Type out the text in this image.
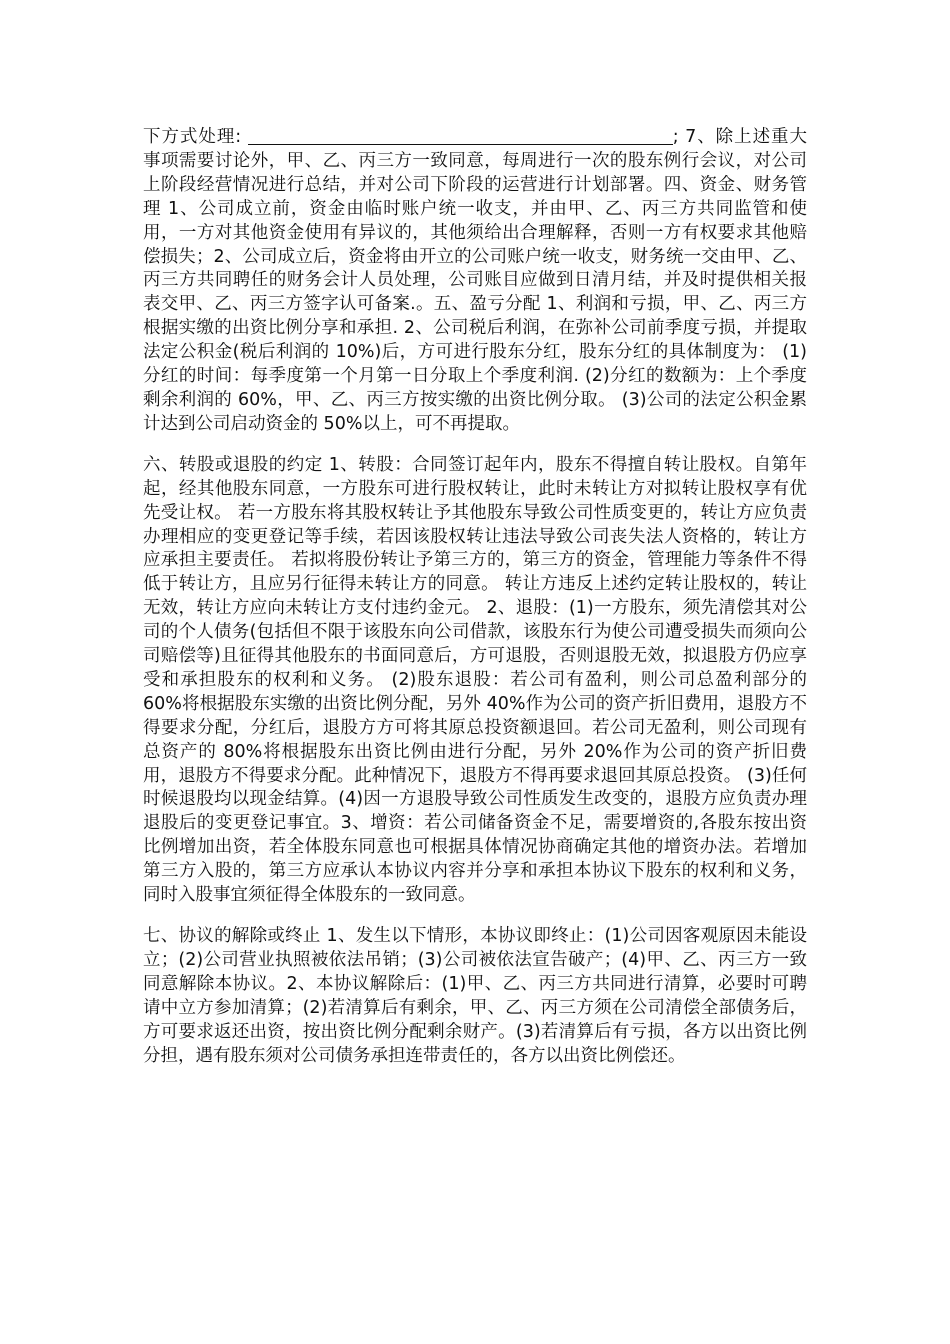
下方式处理:	; 7、除上述重大事项需要讨论外，甲、乙、丙三方一致同意，每周进行一次的股东例行会议，对公司上阶段经营情况进行总结，并对公司下阶段的运营进行计划部署。四、资金、财务管理 1、公司成立前，资金由临时账户统一收支，并由甲、乙、丙三方共同监管和使用，一方对其他资金使用有异议的，其他须给出合理解释，否则一方有权要求其他赔偿损失；2、公司成立后，资金将由开立的公司账户统一收支，财务统一交由甲、乙、丙三方共同聘任的财务会计人员处理，公司账目应做到日清月结，并及时提供相关报表交甲、乙、丙三方签字认可备案.。五、盈亏分配 1、利润和亏损，甲、乙、丙三方根据实缴的出资比例分享和承担. 2、公司税后利润，在弥补公司前季度亏损，并提取法定公积金(税后利润的 10%)后，方可进行股东分红，股东分红的具体制度为： (1)分红的时间：每季度第一个月第一日分取上个季度利润. (2)分红的数额为：上个季度剩余利润的 60%，甲、乙、丙三方按实缴的出资比例分取。 (3)公司的法定公积金累计达到公司启动资金的 50%以上，可不再提取。

六、转股或退股的约定 1、转股：合同签订起年内，股东不得擅自转让股权。自第年起，经其他股东同意，一方股东可进行股权转让，此时未转让方对拟转让股权享有优先受让权。 若一方股东将其股权转让予其他股东导致公司性质变更的，转让方应负责办理相应的变更登记等手续，若因该股权转让违法导致公司丧失法人资格的，转让方应承担主要责任。 若拟将股份转让予第三方的，第三方的资金，管理能力等条件不得低于转让方，且应另行征得未转让方的同意。 转让方违反上述约定转让股权的，转让无效，转让方应向未转让方支付违约金元。 2、退股：(1)一方股东，须先清偿其对公司的个人债务(包括但不限于该股东向公司借款，该股东行为使公司遭受损失而须向公司赔偿等)且征得其他股东的书面同意后，方可退股，否则退股无效，拟退股方仍应享受和承担股东的权利和义务。 (2)股东退股：若公司有盈利，则公司总盈利部分的 60%将根据股东实缴的出资比例分配，另外 40%作为公司的资产折旧费用，退股方不得要求分配，分红后，退股方方可将其原总投资额退回。若公司无盈利，则公司现有总资产的 80%将根据股东出资比例由进行分配，另外 20%作为公司的资产折旧费用，退股方不得要求分配。此种情况下，退股方不得再要求退回其原总投资。 (3)任何时候退股均以现金结算。(4)因一方退股导致公司性质发生改变的，退股方应负责办理退股后的变更登记事宜。3、增资：若公司储备资金不足，需要增资的,各股东按出资比例增加出资，若全体股东同意也可根据具体情况协商确定其他的增资办法。若增加第三方入股的，第三方应承认本协议内容并分享和承担本协议下股东的权利和义务，同时入股事宜须征得全体股东的一致同意。

七、协议的解除或终止 1、发生以下情形，本协议即终止：(1)公司因客观原因未能设立；(2)公司营业执照被依法吊销；(3)公司被依法宣告破产；(4)甲、乙、丙三方一致同意解除本协议。2、本协议解除后：(1)甲、乙、丙三方共同进行清算，必要时可聘请中立方参加清算；(2)若清算后有剩余，甲、乙、丙三方须在公司清偿全部债务后，方可要求返还出资，按出资比例分配剩余财产。(3)若清算后有亏损，各方以出资比例分担，遇有股东须对公司债务承担连带责任的，各方以出资比例偿还。
